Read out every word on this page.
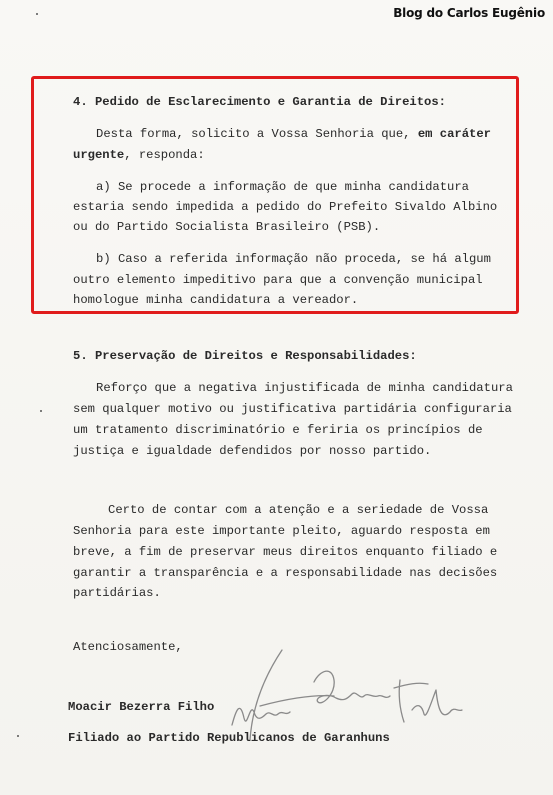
Blog do Carlos Eugênio
4. Pedido de Esclarecimento e Garantia de Direitos:
Desta forma, solicito a Vossa Senhoria que, em caráter
urgente, responda:
a) Se procede a informação de que minha candidatura
estaria sendo impedida a pedido do Prefeito Sivaldo Albino
ou do Partido Socialista Brasileiro (PSB).
b) Caso a referida informação não proceda, se há algum
outro elemento impeditivo para que a convenção municipal
homologue minha candidatura a vereador.
5. Preservação de Direitos e Responsabilidades:
Reforço que a negativa injustificada de minha candidatura
sem qualquer motivo ou justificativa partidária configuraria
um tratamento discriminatório e feriria os princípios de
justiça e igualdade defendidos por nosso partido.
Certo de contar com a atenção e a seriedade de Vossa
Senhoria para este importante pleito, aguardo resposta em
breve, a fim de preservar meus direitos enquanto filiado e
garantir a transparência e a responsabilidade nas decisões
partidárias.
Atenciosamente,	Moacir Bezerra Filho
Moacir Bezerra Filho
Filiado ao Partido Republicanos de Garanhuns
